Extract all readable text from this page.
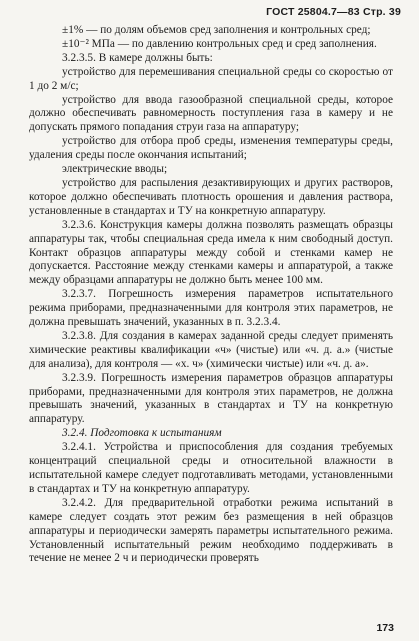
ГОСТ 25804.7—83 Стр. 39

±1% — по долям объемов сред заполнения и контрольных сред;

±10⁻² МПа — по давлению контрольных сред и сред заполнения.

3.2.3.5. В камере должны быть:

устройство для перемешивания специальной среды со скоростью от 1 до 2 м/с;

устройство для ввода газообразной специальной среды, которое должно обеспечивать равномерность поступления газа в камеру и не допускать прямого попадания струи газа на аппаратуру;

устройство для отбора проб среды, изменения температуры среды, удаления среды после окончания испытаний;

электрические вводы;

устройство для распыления дезактивирующих и других растворов, которое должно обеспечивать плотность орошения и давления раствора, установленные в стандартах и ТУ на конкретную аппаратуру.

3.2.3.6. Конструкция камеры должна позволять размещать образцы аппаратуры так, чтобы специальная среда имела к ним свободный доступ. Контакт образцов аппаратуры между собой и стенками камер не допускается. Расстояние между стенками камеры и аппаратурой, а также между образцами аппаратуры не должно быть менее 100 мм.

3.2.3.7. Погрешность измерения параметров испытательного режима приборами, предназначенными для контроля этих параметров, не должна превышать значений, указанных в п. 3.2.3.4.

3.2.3.8. Для создания в камерах заданной среды следует применять химические реактивы квалификации «ч» (чистые) или «ч. д. а.» (чистые для анализа), для контроля — «х. ч» (химически чистые) или «ч. д. а».

3.2.3.9. Погрешность измерения параметров образцов аппаратуры приборами, предназначенными для контроля этих параметров, не должна превышать значений, указанных в стандартах и ТУ на конкретную аппаратуру.

3.2.4. Подготовка к испытаниям

3.2.4.1. Устройства и приспособления для создания требуемых концентраций специальной среды и относительной влажности в испытательной камере следует подготавливать методами, установленными в стандартах и ТУ на конкретную аппаратуру.

3.2.4.2. Для предварительной отработки режима испытаний в камере следует создать этот режим без размещения в ней образцов аппаратуры и периодически замерять параметры испытательного режима. Установленный испытательный режим необходимо поддерживать в течение не менее 2 ч и периодически проверять

173
